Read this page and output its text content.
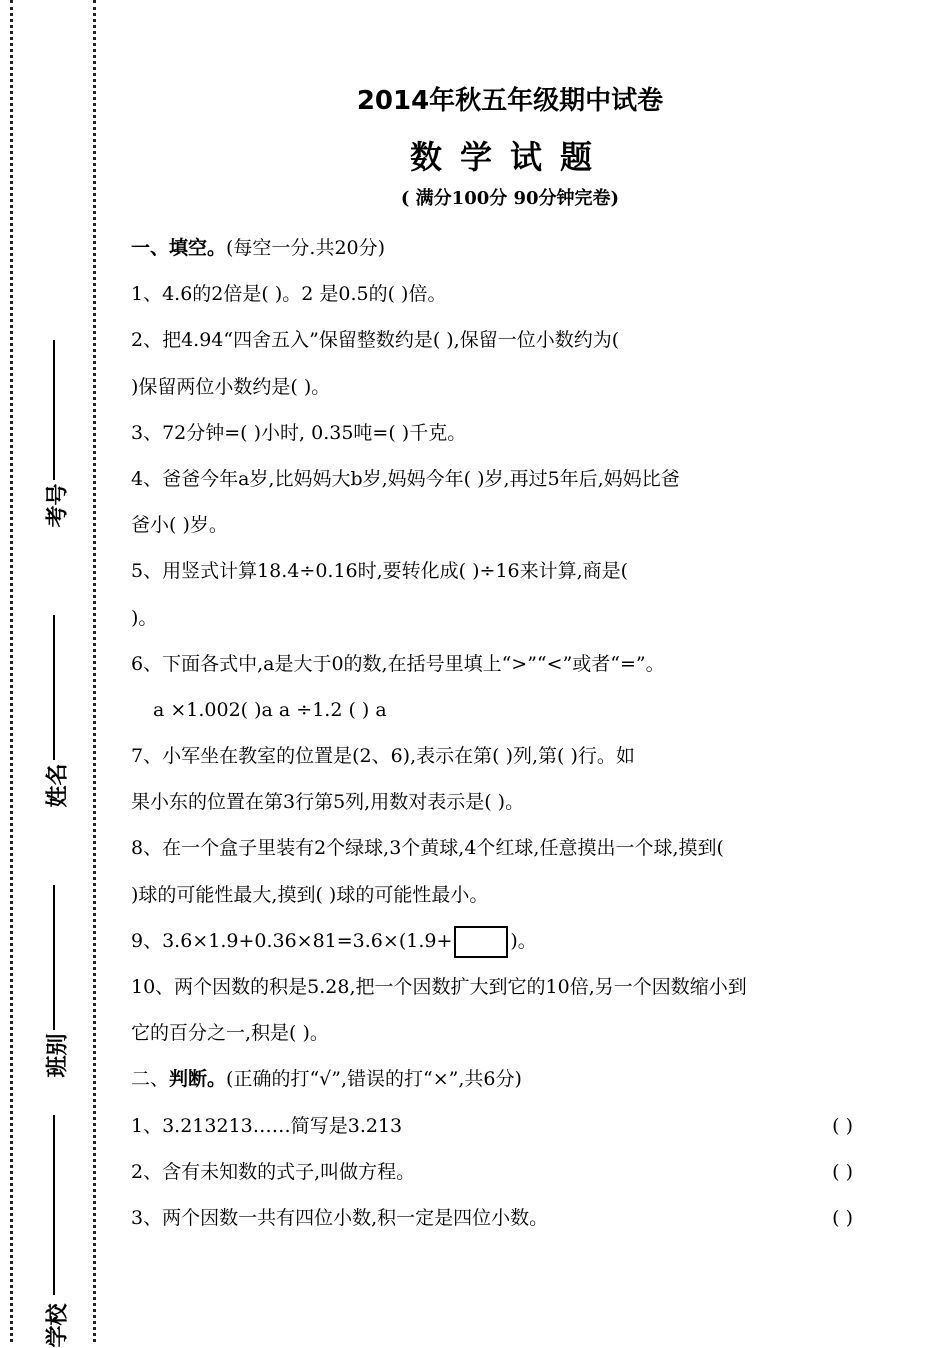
考号
姓名
班别
学校
2014年秋五年级期中试卷
数学试题
( 满分100分 90分钟完卷)
一、填空。(每空一分.共20分)
1、4.6的2倍是( )。2 是0.5的( )倍。
2、把4.94“四舍五入”保留整数约是( ),保留一位小数约为(
)保留两位小数约是( )。
3、72分钟=( )小时, 0.35吨=( )千克。
4、爸爸今年a岁,比妈妈大b岁,妈妈今年( )岁,再过5年后,妈妈比爸
爸小( )岁。
5、用竖式计算18.4÷0.16时,要转化成( )÷16来计算,商是(
)。
6、下面各式中,a是大于0的数,在括号里填上“>”“<”或者“=”。
a ×1.002( )a a ÷1.2 ( ) a
7、小军坐在教室的位置是(2、6),表示在第( )列,第( )行。如
果小东的位置在第3行第5列,用数对表示是( )。
8、在一个盒子里装有2个绿球,3个黄球,4个红球,任意摸出一个球,摸到(
)球的可能性最大,摸到( )球的可能性最小。
9、3.6×1.9+0.36×81=3.6×(1.9+	)。
10、两个因数的积是5.28,把一个因数扩大到它的10倍,另一个因数缩小到
它的百分之一,积是( )。
二、判断。(正确的打“√”,错误的打“×”,共6分)
1、3.213213……简写是3.213	( )
2、含有未知数的式子,叫做方程。	( )
3、两个因数一共有四位小数,积一定是四位小数。	( )
